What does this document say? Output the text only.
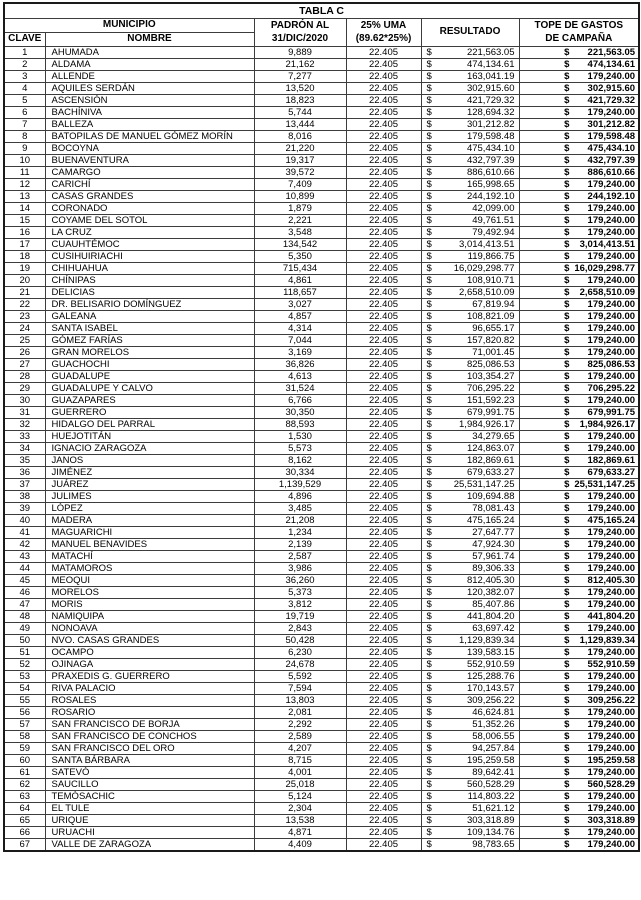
TABLA C					
MUNICIPIO	PADRÓN AL
31/DIC/2020

25% UMA
(89.62*25%)
	RESULTADO	
TOPE DE GASTOS
DE CAMPAÑA

CLAVE	NOMBRE				
1	AHUMADA	9,889	22.405	$ 221,563.05	$ 221,563.05

2	ALDAMA	21,162	22.405	$ 474,134.61	$ 474,134.61

3	ALLENDE	7,277	22.405	$ 163,041.19	$ 179,240.00

4	AQUILES SERDÁN	13,520	22.405	$ 302,915.60	$ 302,915.60

5	ASCENSIÓN	18,823	22.405	$ 421,729.32	$ 421,729.32

6	BACHÍNIVA	5,744	22.405	$ 128,694.32	$ 179,240.00

7	BALLEZA	13,444	22.405	$ 301,212.82	$ 301,212.82

8	BATOPILAS DE MANUEL GÓMEZ MORÍN	8,016	22.405	$ 179,598.48	$ 179,598.48

9	BOCOYNA	21,220	22.405	$ 475,434.10	$ 475,434.10

10	BUENAVENTURA	19,317	22.405	$ 432,797.39	$ 432,797.39

11	CAMARGO	39,572	22.405	$ 886,610.66	$ 886,610.66

12	CARICHÍ	7,409	22.405	$ 165,998.65	$ 179,240.00

13	CASAS GRANDES	10,899	22.405	$ 244,192.10	$ 244,192.10

14	CORONADO	1,879	22.405	$ 42,099.00	$ 179,240.00

15	COYAME DEL SOTOL	2,221	22.405	$ 49,761.51	$ 179,240.00

16	LA CRUZ	3,548	22.405	$ 79,492.94	$ 179,240.00

17	CUAUHTÉMOC	134,542	22.405	$ 3,014,413.51	$ 3,014,413.51

18	CUSIHUIRIACHI	5,350	22.405	$ 119,866.75	$ 179,240.00

19	CHIHUAHUA	715,434	22.405	$ 16,029,298.77	$ 16,029,298.77

20	CHÍNIPAS	4,861	22.405	$ 108,910.71	$ 179,240.00

21	DELICIAS	118,657	22.405	$ 2,658,510.09	$ 2,658,510.09

22	DR. BELISARIO DOMÍNGUEZ	3,027	22.405	$ 67,819.94	$ 179,240.00

23	GALEANA	4,857	22.405	$ 108,821.09	$ 179,240.00

24	SANTA ISABEL	4,314	22.405	$ 96,655.17	$ 179,240.00

25	GÓMEZ FARÍAS	7,044	22.405	$ 157,820.82	$ 179,240.00

26	GRAN MORELOS	3,169	22.405	$ 71,001.45	$ 179,240.00

27	GUACHOCHI	36,826	22.405	$ 825,086.53	$ 825,086.53

28	GUADALUPE	4,613	22.405	$ 103,354.27	$ 179,240.00

29	GUADALUPE Y CALVO	31,524	22.405	$ 706,295.22	$ 706,295.22

30	GUAZAPARES	6,766	22.405	$ 151,592.23	$ 179,240.00

31	GUERRERO	30,350	22.405	$ 679,991.75	$ 679,991.75

32	HIDALGO DEL PARRAL	88,593	22.405	$ 1,984,926.17	$ 1,984,926.17

33	HUEJOTITÁN	1,530	22.405	$ 34,279.65	$ 179,240.00

34	IGNACIO ZARAGOZA	5,573	22.405	$ 124,863.07	$ 179,240.00

35	JANOS	8,162	22.405	$ 182,869.61	$ 182,869.61

36	JIMÉNEZ	30,334	22.405	$ 679,633.27	$ 679,633.27

37	JUÁREZ	1,139,529	22.405	$ 25,531,147.25	$ 25,531,147.25

38	JULIMES	4,896	22.405	$ 109,694.88	$ 179,240.00

39	LÓPEZ	3,485	22.405	$ 78,081.43	$ 179,240.00

40	MADERA	21,208	22.405	$ 475,165.24	$ 475,165.24

41	MAGUARICHI	1,234	22.405	$ 27,647.77	$ 179,240.00

42	MANUEL BENAVIDES	2,139	22.405	$ 47,924.30	$ 179,240.00

43	MATACHÍ	2,587	22.405	$ 57,961.74	$ 179,240.00

44	MATAMOROS	3,986	22.405	$ 89,306.33	$ 179,240.00

45	MEOQUI	36,260	22.405	$ 812,405.30	$ 812,405.30

46	MORELOS	5,373	22.405	$ 120,382.07	$ 179,240.00

47	MORIS	3,812	22.405	$ 85,407.86	$ 179,240.00

48	NAMIQUIPA	19,719	22.405	$ 441,804.20	$ 441,804.20

49	NONOAVA	2,843	22.405	$ 63,697.42	$ 179,240.00

50	NVO. CASAS GRANDES	50,428	22.405	$ 1,129,839.34	$ 1,129,839.34

51	OCAMPO	6,230	22.405	$ 139,583.15	$ 179,240.00

52	OJINAGA	24,678	22.405	$ 552,910.59	$ 552,910.59

53	PRAXEDIS G. GUERRERO	5,592	22.405	$ 125,288.76	$ 179,240.00

54	RIVA PALACIO	7,594	22.405	$ 170,143.57	$ 179,240.00

55	ROSALES	13,803	22.405	$ 309,256.22	$ 309,256.22

56	ROSARIO	2,081	22.405	$ 46,624.81	$ 179,240.00

57	SAN FRANCISCO DE BORJA	2,292	22.405	$ 51,352.26	$ 179,240.00

58	SAN FRANCISCO DE CONCHOS	2,589	22.405	$ 58,006.55	$ 179,240.00

59	SAN FRANCISCO DEL ORO	4,207	22.405	$ 94,257.84	$ 179,240.00

60	SANTA BÁRBARA	8,715	22.405	$ 195,259.58	$ 195,259.58

61	SATEVÓ	4,001	22.405	$ 89,642.41	$ 179,240.00

62	SAUCILLO	25,018	22.405	$ 560,528.29	$ 560,528.29

63	TEMÓSACHIC	5,124	22.405	$ 114,803.22	$ 179,240.00

64	EL TULE	2,304	22.405	$ 51,621.12	$ 179,240.00

65	URIQUE	13,538	22.405	$ 303,318.89	$ 303,318.89

66	URUACHI	4,871	22.405	$ 109,134.76	$ 179,240.00

67	VALLE DE ZARAGOZA	4,409	22.405	$ 98,783.65	$ 179,240.00
